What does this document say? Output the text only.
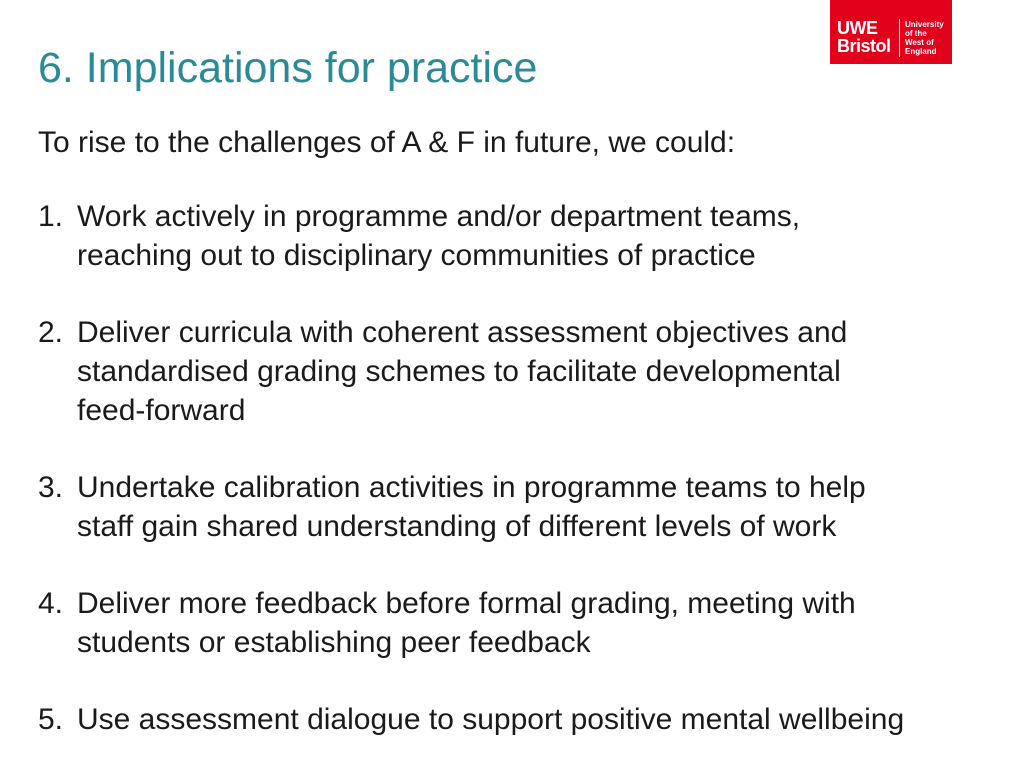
6. Implications for practice
UWE
Bristol
University
of the
West of
England

To rise to the challenges of A & F in future, we could:

1. Work actively in programme and/or department teams,
reaching out to disciplinary communities of practice
2. Deliver curricula with coherent assessment objectives and
standardised grading schemes to facilitate developmental
feed-forward
3. Undertake calibration activities in programme teams to help
staff gain shared understanding of different levels of work
4. Deliver more feedback before formal grading, meeting with
students or establishing peer feedback
5. Use assessment dialogue to support positive mental wellbeing
